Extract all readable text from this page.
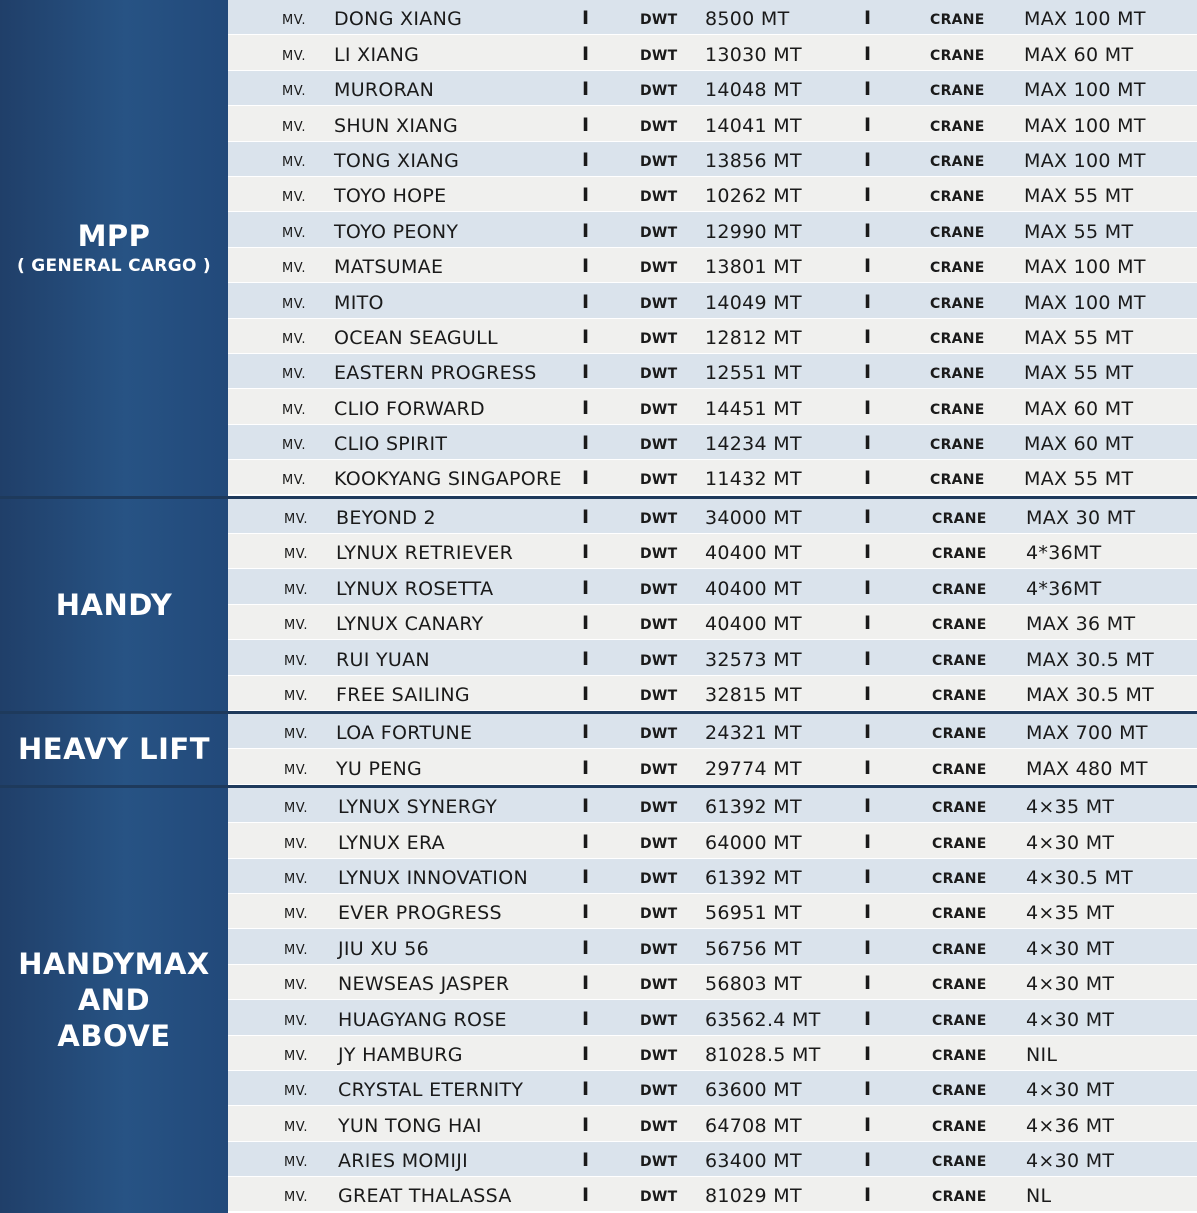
MPP
( GENERAL CARGO )
MV. DONG XIANG	I	DWT 8500 MT	I	CRANE MAX 100 MT
MV. LI XIANG	I	DWT 13030 MT	I	CRANE MAX 60 MT
MV. MURORAN	I	DWT 14048 MT	I	CRANE MAX 100 MT
MV. SHUN XIANG	I	DWT 14041 MT	I	CRANE MAX 100 MT
MV. TONG XIANG	I	DWT 13856 MT	I	CRANE MAX 100 MT
MV. TOYO HOPE	I	DWT 10262 MT	I	CRANE MAX 55 MT
MV. TOYO PEONY	I	DWT 12990 MT	I	CRANE MAX 55 MT
MV. MATSUMAE	I	DWT 13801 MT	I	CRANE MAX 100 MT
MV. MITO	I	DWT 14049 MT	I	CRANE MAX 100 MT
MV. OCEAN SEAGULL	I	DWT 12812 MT	I	CRANE MAX 55 MT
MV. EASTERN PROGRESS I	DWT 12551 MT	I	CRANE MAX 55 MT
MV. CLIO FORWARD	I	DWT 14451 MT	I	CRANE MAX 60 MT
MV. CLIO SPIRIT	I	DWT 14234 MT	I	CRANE MAX 60 MT
MV. KOOKYANG SINGAPORE I	DWT 11432 MT	I	CRANE MAX 55 MT
HANDY
MV. BEYOND 2	I	DWT 34000 MT	I	CRANE MAX 30 MT
MV. LYNUX RETRIEVER	I	DWT 40400 MT	I	CRANE 4*36MT
MV. LYNUX ROSETTA	I	DWT 40400 MT	I	CRANE 4*36MT
MV. LYNUX CANARY	I	DWT 40400 MT	I	CRANE MAX 36 MT
MV. RUI YUAN	I	DWT 32573 MT	I	CRANE MAX 30.5 MT
MV. FREE SAILING	I	DWT 32815 MT	I	CRANE MAX 30.5 MT
HEAVY LIFT	MV. LOA FORTUNE	I	DWT 24321 MT	I	CRANE MAX 700 MT
MV. YU PENG	I	DWT 29774 MT	I	CRANE MAX 480 MT
HANDYMAX
AND
ABOVE
MV. LYNUX SYNERGY	I	DWT 61392 MT	I	CRANE 4×35 MT
MV. LYNUX ERA	I	DWT 64000 MT	I	CRANE 4×30 MT
MV. LYNUX INNOVATION	I	DWT 61392 MT	I	CRANE 4×30.5 MT
MV. EVER PROGRESS	I	DWT 56951 MT	I	CRANE 4×35 MT
MV. JIU XU 56	I	DWT 56756 MT	I	CRANE 4×30 MT
MV. NEWSEAS JASPER	I	DWT 56803 MT	I	CRANE 4×30 MT
MV. HUAGYANG ROSE	I	DWT 63562.4 MT I	CRANE 4×30 MT
MV. JY HAMBURG	I	DWT 81028.5 MT I	CRANE NIL
MV. CRYSTAL ETERNITY	I	DWT 63600 MT	I	CRANE 4×30 MT
MV. YUN TONG HAI	I	DWT 64708 MT	I	CRANE 4×36 MT
MV. ARIES MOMIJI	I	DWT 63400 MT	I	CRANE 4×30 MT
MV. GREAT THALASSA	I	DWT 81029 MT	I	CRANE NL
